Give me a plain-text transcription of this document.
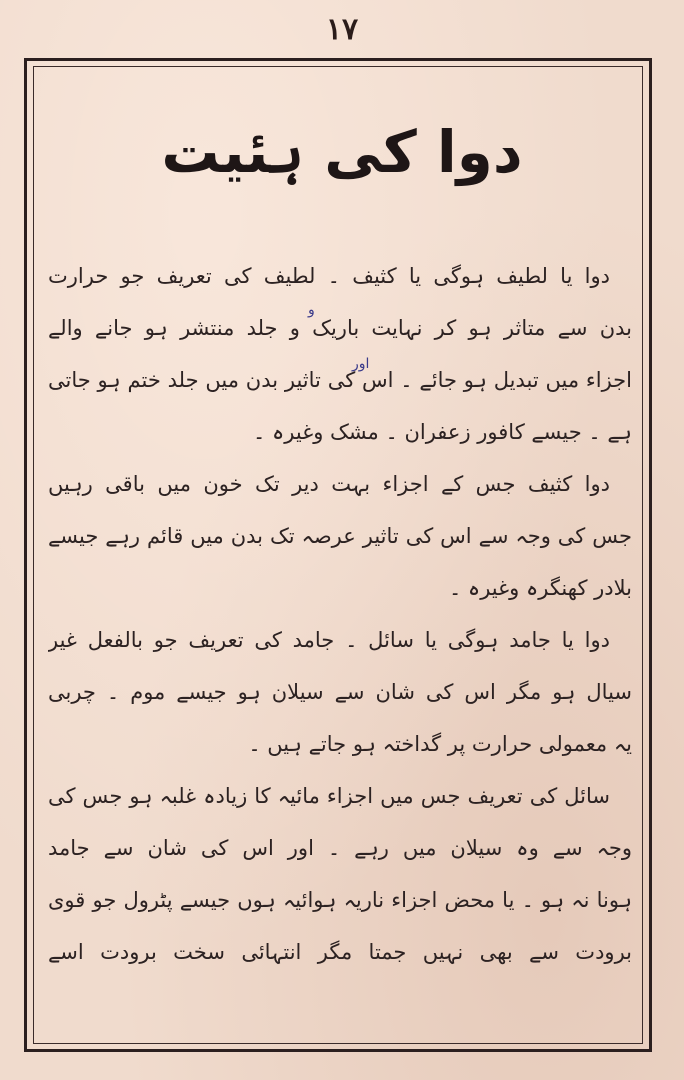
١٧
دوا کی ہئیت
و
اور
دوا یا لطیف ہوگی یا کثیف ۔ لطیف کی تعریف جو حرارت
بدن سے متاثر ہو کر نہایت باریک و جلد منتشر ہو جانے والے
اجزاء میں تبدیل ہو جائے ۔ اس کی تاثیر بدن میں جلد ختم ہو جاتی
ہے ۔ جیسے کافور زعفران ۔ مشک وغیرہ ۔
دوا کثیف جس کے اجزاء بہت دیر تک خون میں باقی رہیں
جس کی وجہ سے اس کی تاثیر عرصہ تک بدن میں قائم رہے جیسے
بلادر کھنگرہ وغیرہ ۔
دوا یا جامد ہوگی یا سائل ۔ جامد کی تعریف جو بالفعل غیر
سیال ہو مگر اس کی شان سے سیلان ہو جیسے موم ۔ چربی
یہ معمولی حرارت پر گداختہ ہو جاتے ہیں ۔
سائل کی تعریف جس میں اجزاء مائیہ کا زیادہ غلبہ ہو جس کی
وجہ سے وہ سیلان میں رہے ۔ اور اس کی شان سے جامد
ہونا نہ ہو ۔ یا محض اجزاء ناریہ ہوائیہ ہوں جیسے پٹرول جو قوی
برودت سے بھی نہیں جمتا مگر انتہائی سخت برودت اسے
